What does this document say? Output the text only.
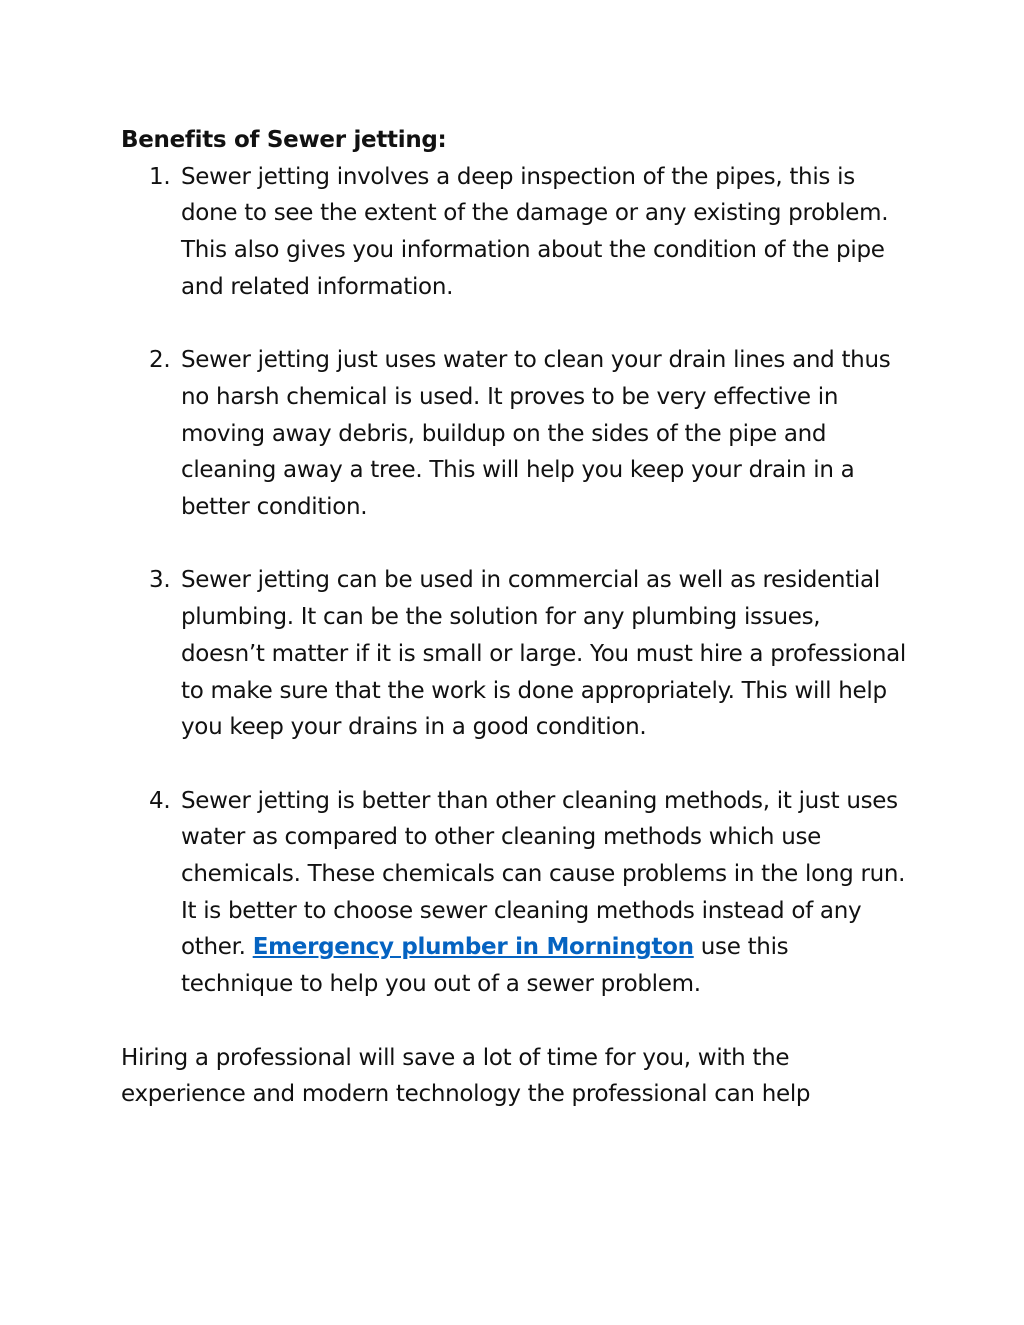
Benefits of Sewer jetting:

1. Sewer jetting involves a deep inspection of the pipes, this is done to see the extent of the damage or any existing problem. This also gives you information about the condition of the pipe and related information.
2. Sewer jetting just uses water to clean your drain lines and thus no harsh chemical is used. It proves to be very effective in moving away debris, buildup on the sides of the pipe and cleaning away a tree. This will help you keep your drain in a better condition.
3. Sewer jetting can be used in commercial as well as residential plumbing. It can be the solution for any plumbing issues, doesn’t matter if it is small or large. You must hire a professional to make sure that the work is done appropriately. This will help you keep your drains in a good condition.
4. Sewer jetting is better than other cleaning methods, it just uses water as compared to other cleaning methods which use chemicals. These chemicals can cause problems in the long run. It is better to choose sewer cleaning methods instead of any other. Emergency plumber in Mornington use this technique to help you out of a sewer problem.

Hiring a professional will save a lot of time for you, with the experience and modern technology the professional can help
